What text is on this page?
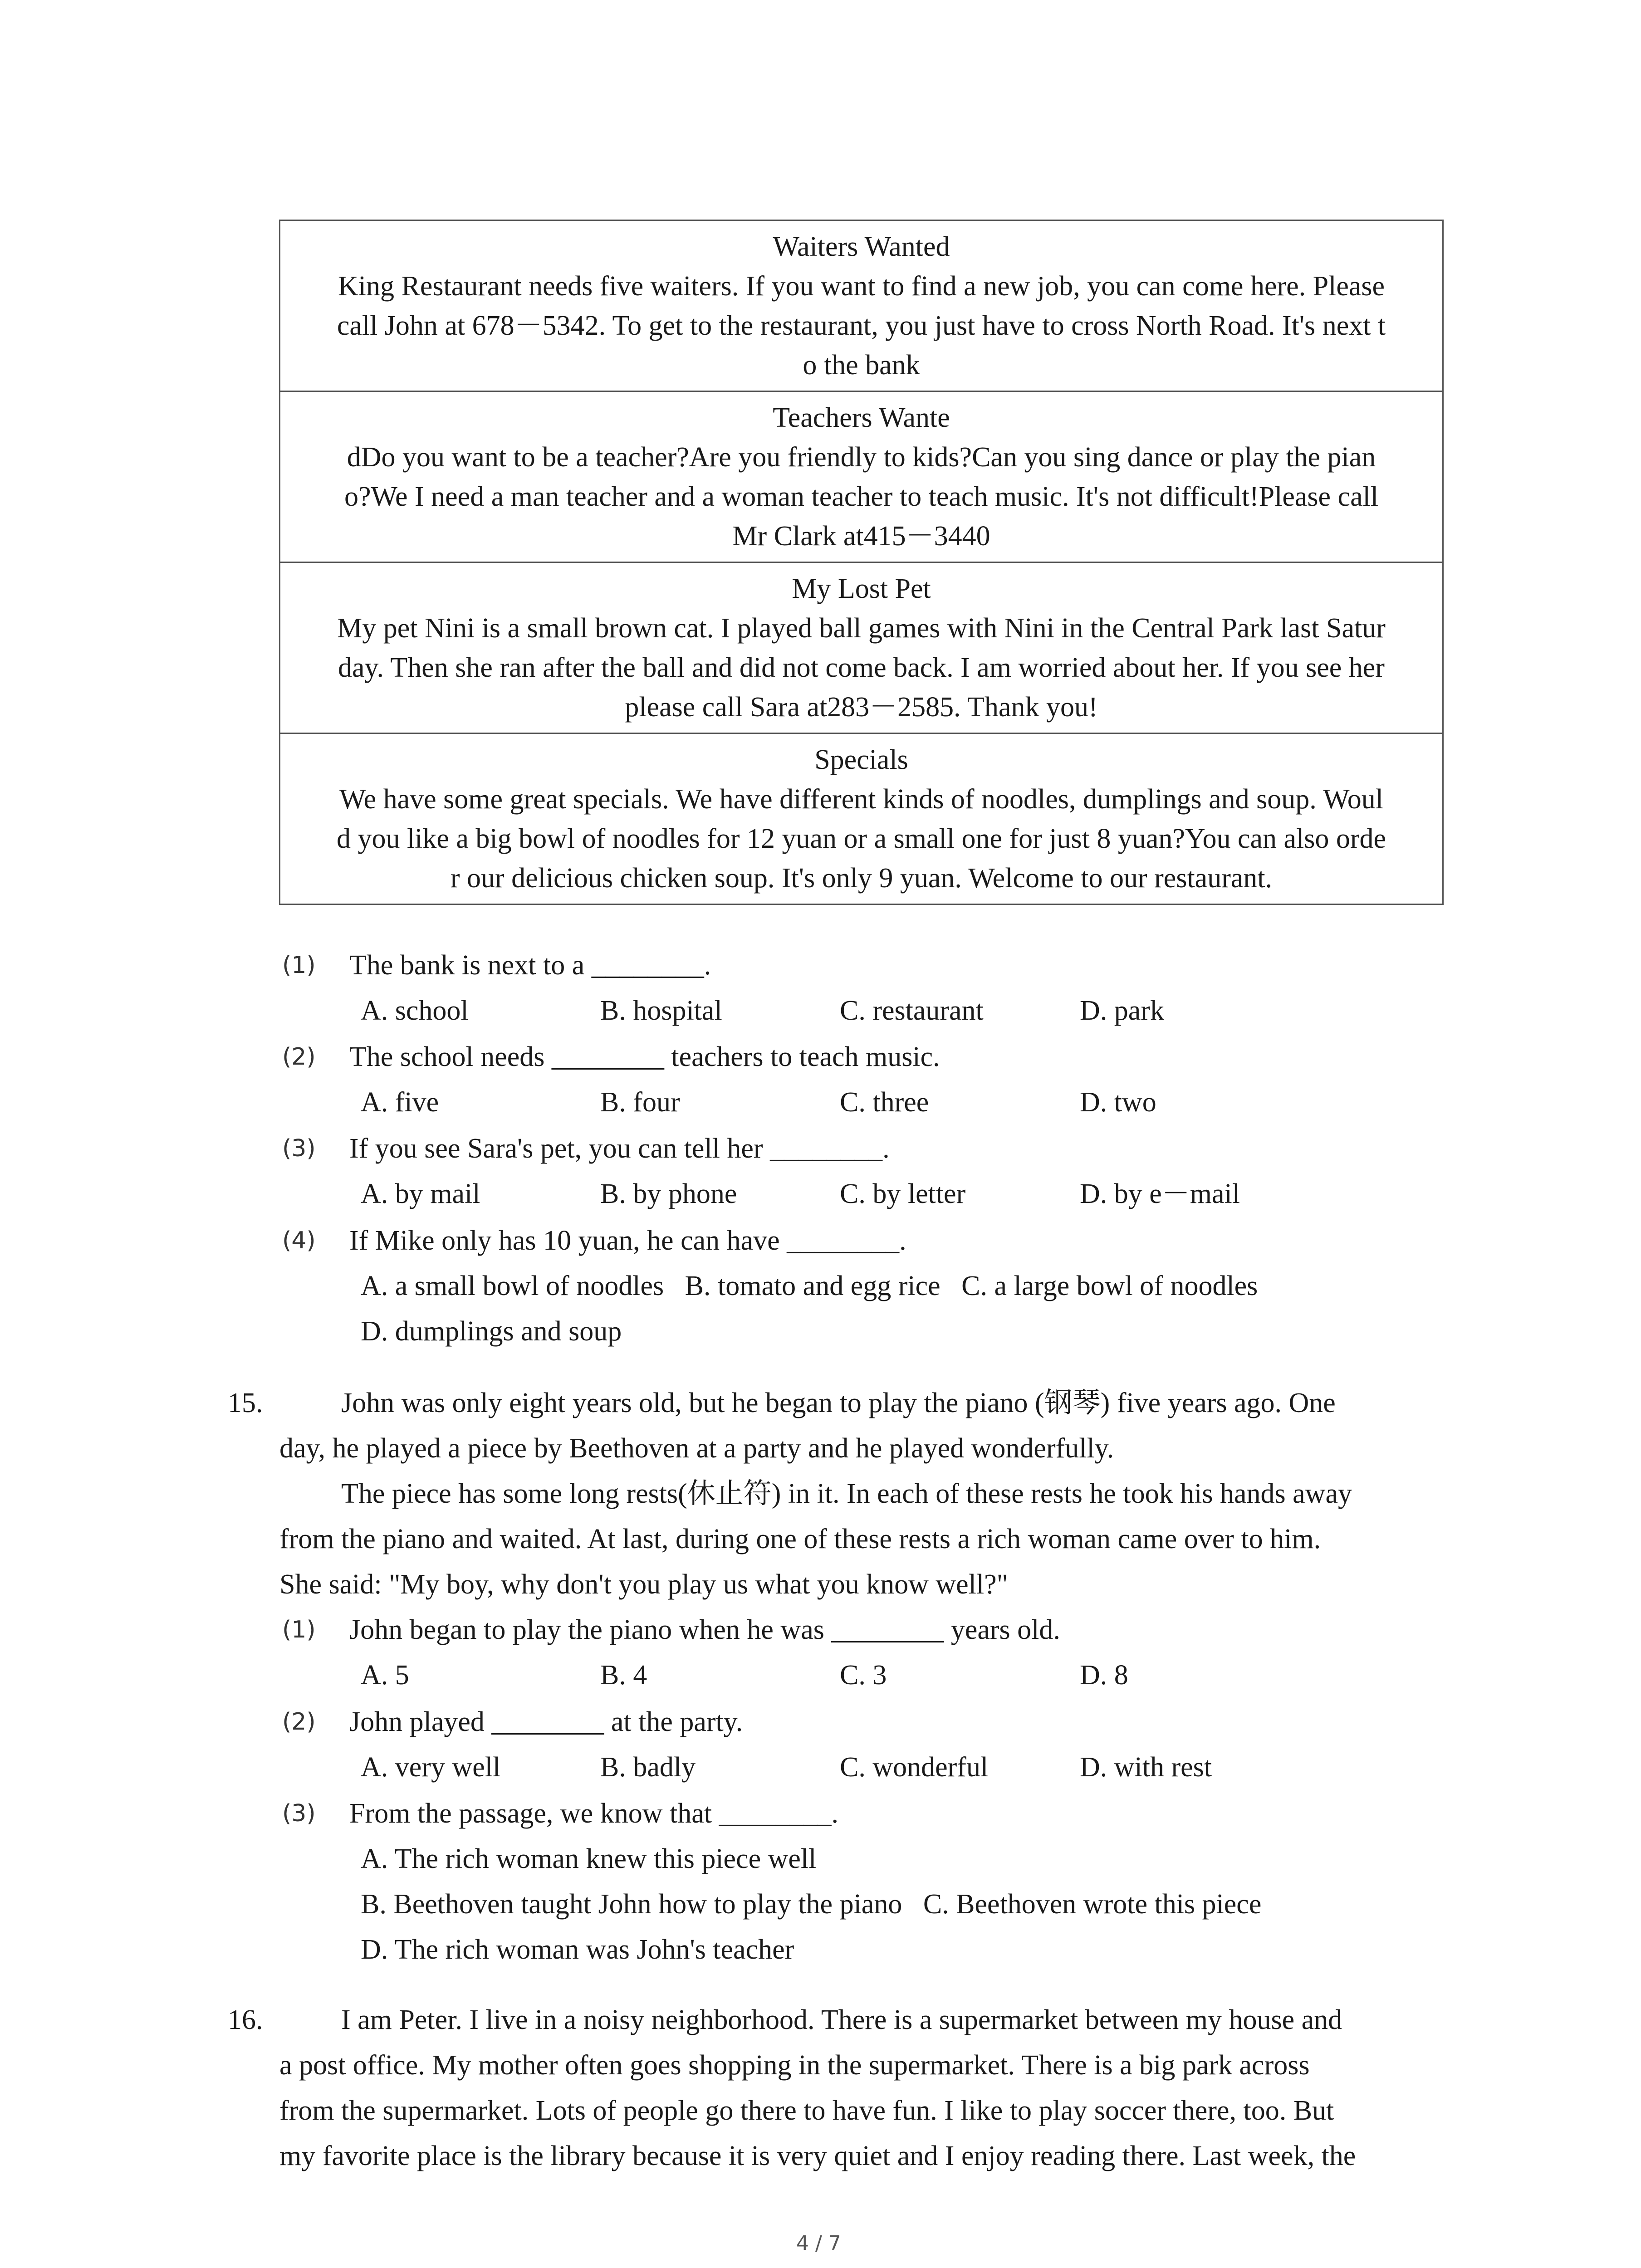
Waiters Wanted
King Restaurant needs five waiters. If you want to find a new job, you can come here. Please
call John at 678－5342. To get to the restaurant, you just have to cross North Road. It's next t
o the bank
Teachers Wante
dDo you want to be a teacher?Are you friendly to kids?Can you sing dance or play the pian
o?We I need a man teacher and a woman teacher to teach music. It's not difficult!Please call
Mr Clark at415－3440
My Lost Pet
My pet Nini is a small brown cat. I played ball games with Nini in the Central Park last Satur
day. Then she ran after the ball and did not come back. I am worried about her. If you see her
please call Sara at283－2585. Thank you!
Specials
We have some great specials. We have different kinds of noodles, dumplings and soup. Woul
d you like a big bowl of noodles for 12 yuan or a small one for just 8 yuan?You can also orde
r our delicious chicken soup. It's only 9 yuan. Welcome to our restaurant.
(1) The bank is next to a ________.
A. school	B. hospital	C. restaurant	D. park
(2) The school needs ________ teachers to teach music.
A. five	B. four	C. three	D. two
(3) If you see Sara's pet, you can tell her ________.
A. by mail	B. by phone	C. by letter	D. by e－mail
(4) If Mike only has 10 yuan, he can have ________.
A. a small bowl of noodles   B. tomato and egg rice   C. a large bowl of noodles
D. dumplings and soup
15.	John was only eight years old, but he began to play the piano (钢琴) five years ago. One
day, he played a piece by Beethoven at a party and he played wonderfully.
The piece has some long rests(休止符) in it. In each of these rests he took his hands away
from the piano and waited. At last, during one of these rests a rich woman came over to him.
She said: "My boy, why don't you play us what you know well?"
(1) John began to play the piano when he was ________ years old.
A. 5	B. 4	C. 3	D. 8
(2) John played ________ at the party.
A. very well	B. badly	C. wonderful	D. with rest
(3) From the passage, we know that ________.
A. The rich woman knew this piece well
B. Beethoven taught John how to play the piano   C. Beethoven wrote this piece
D. The rich woman was John's teacher
16.	I am Peter. I live in a noisy neighborhood. There is a supermarket between my house and
a post office. My mother often goes shopping in the supermarket. There is a big park across
from the supermarket. Lots of people go there to have fun. I like to play soccer there, too. But
my favorite place is the library because it is very quiet and I enjoy reading there. Last week, the
4 / 7
